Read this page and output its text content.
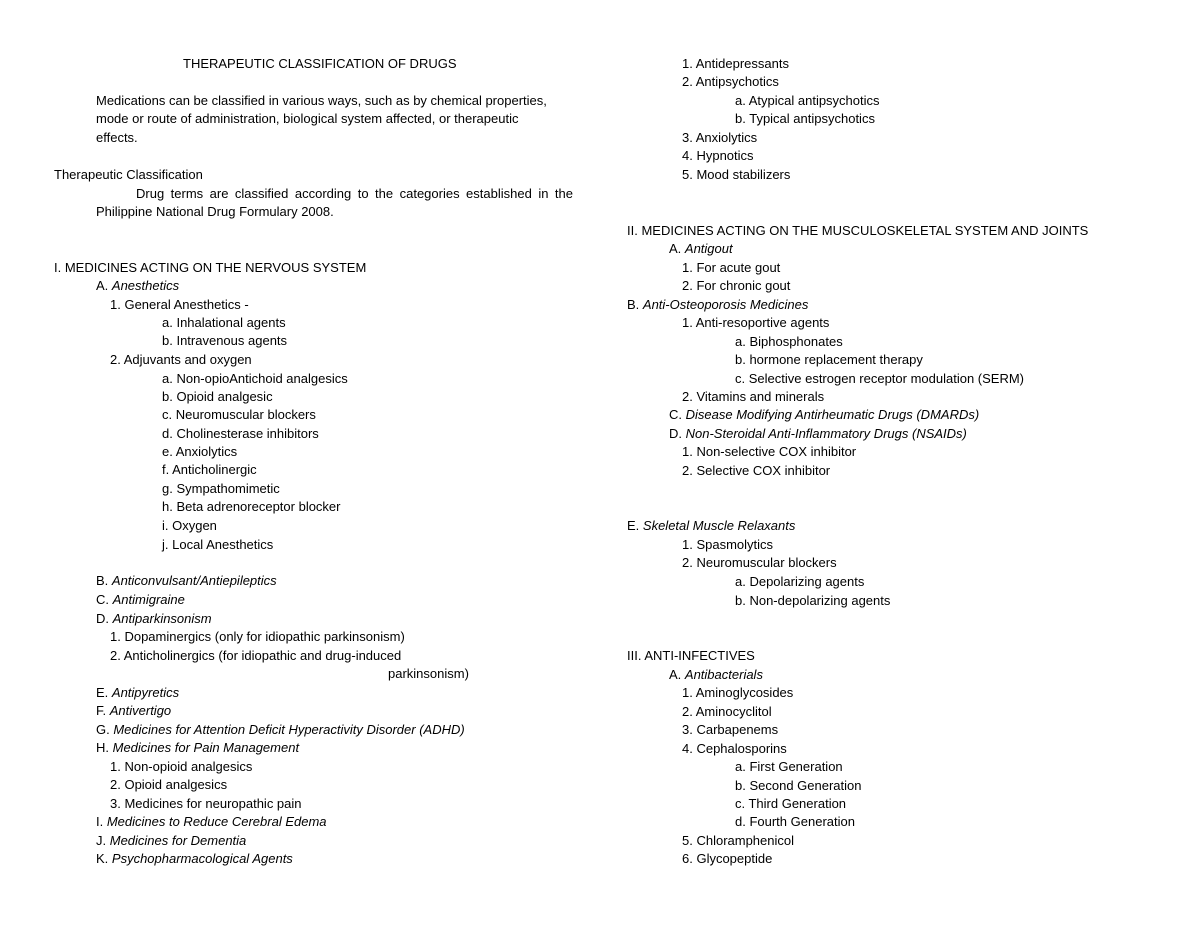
THERAPEUTIC CLASSIFICATION OF DRUGS
Medications can be classified in various ways, such as by chemical properties,
mode or route of administration, biological system affected, or therapeutic
effects.
Therapeutic Classification
Drug terms are classified according to the categories established in the
Philippine National Drug Formulary 2008.
I. MEDICINES ACTING ON THE NERVOUS SYSTEM
A. Anesthetics
1. General Anesthetics -
a. Inhalational agents
b. Intravenous agents
2. Adjuvants and oxygen
a. Non-opioAntichoid analgesics
b. Opioid analgesic
c. Neuromuscular blockers
d. Cholinesterase inhibitors
e. Anxiolytics
f. Anticholinergic
g. Sympathomimetic
h. Beta adrenoreceptor blocker
i. Oxygen
j. Local Anesthetics
B. Anticonvulsant/Antiepileptics
C. Antimigraine
D. Antiparkinsonism
1. Dopaminergics (only for idiopathic parkinsonism)
2. Anticholinergics (for idiopathic and drug-induced
parkinsonism)
E. Antipyretics
F. Antivertigo
G. Medicines for Attention Deficit Hyperactivity Disorder (ADHD)
H. Medicines for Pain Management
1. Non-opioid analgesics
2. Opioid analgesics
3. Medicines for neuropathic pain
I. Medicines to Reduce Cerebral Edema
J. Medicines for Dementia
K. Psychopharmacological Agents
1. Antidepressants
2. Antipsychotics
a. Atypical antipsychotics
b. Typical antipsychotics
3. Anxiolytics
4. Hypnotics
5. Mood stabilizers
II. MEDICINES ACTING ON THE MUSCULOSKELETAL SYSTEM AND JOINTS
A. Antigout
1. For acute gout
2. For chronic gout
B. Anti-Osteoporosis Medicines
1. Anti-resoportive agents
a. Biphosphonates
b. hormone replacement therapy
c. Selective estrogen receptor modulation (SERM)
2. Vitamins and minerals
C. Disease Modifying Antirheumatic Drugs (DMARDs)
D. Non-Steroidal Anti-Inflammatory Drugs (NSAIDs)
1. Non-selective COX inhibitor
2. Selective COX inhibitor
E. Skeletal Muscle Relaxants
1. Spasmolytics
2. Neuromuscular blockers
a. Depolarizing agents
b. Non-depolarizing agents
III. ANTI-INFECTIVES
A. Antibacterials
1. Aminoglycosides
2. Aminocyclitol
3. Carbapenems
4. Cephalosporins
a. First Generation
b. Second Generation
c. Third Generation
d. Fourth Generation
5. Chloramphenicol
6. Glycopeptide
